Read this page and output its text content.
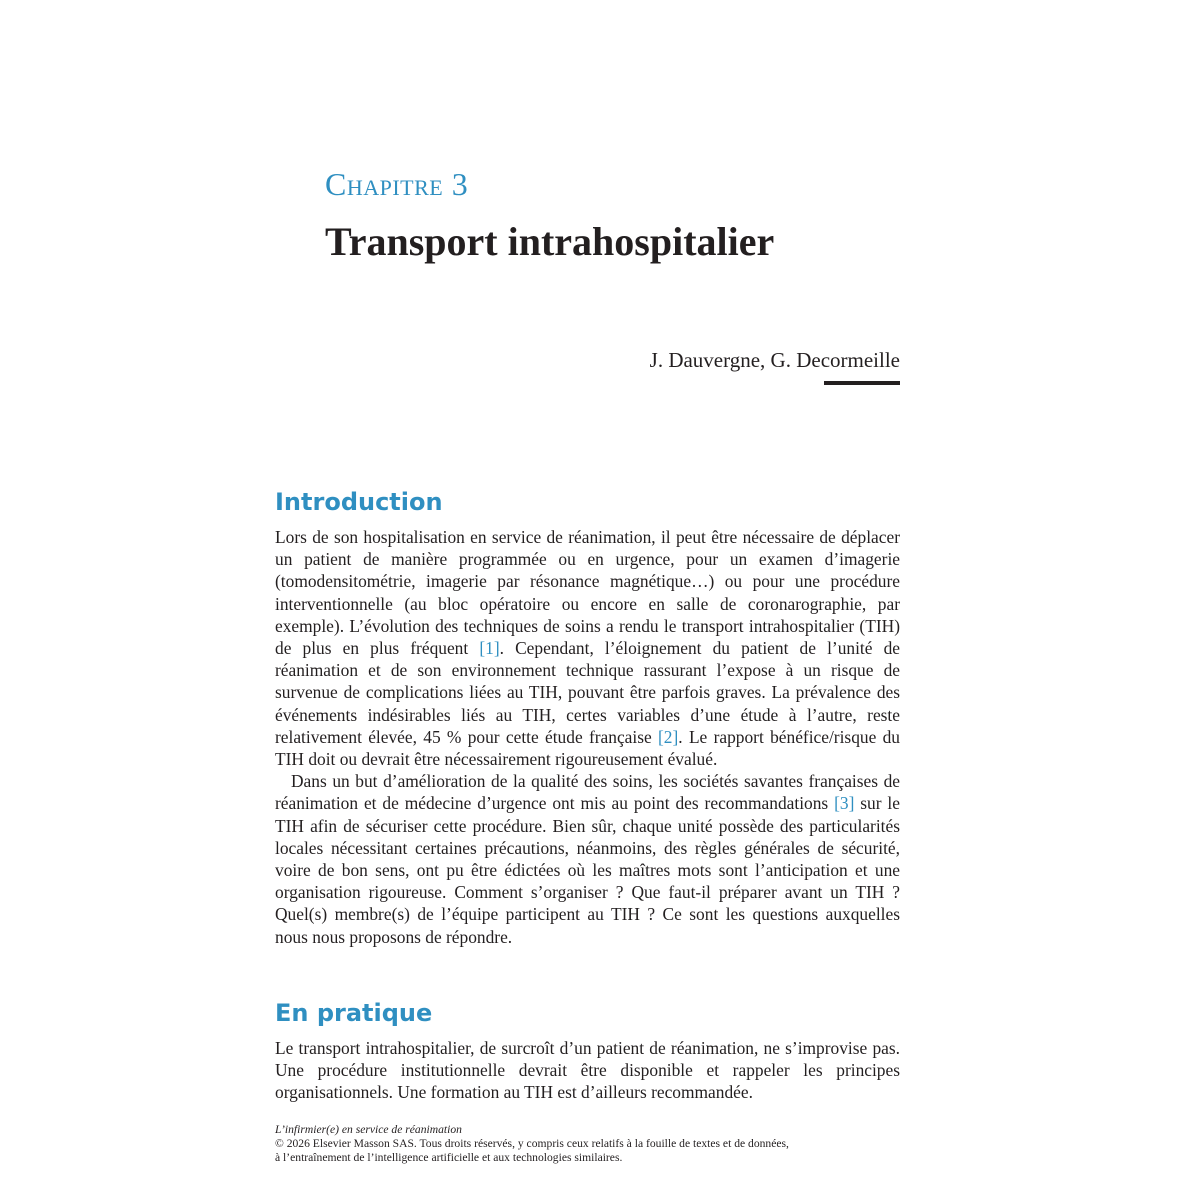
Chapitre 3
Transport intrahospitalier
J. Dauvergne, G. Decormeille
Introduction

Lors de son hospitalisation en service de réanimation, il peut être nécessaire de déplacer un patient de manière programmée ou en urgence, pour un examen d’imagerie (tomodensitométrie, imagerie par résonance magnétique…) ou pour une procédure interventionnelle (au bloc opératoire ou encore en salle de coronarographie, par exemple). L’évolution des techniques de soins a rendu le transport intrahospitalier (TIH) de plus en plus fréquent [1]. Cependant, l’éloignement du patient de l’unité de réanimation et de son environnement technique rassurant l’expose à un risque de survenue de complications liées au TIH, pouvant être parfois graves. La prévalence des événements indésirables liés au TIH, certes variables d’une étude à l’autre, reste relativement élevée, 45 % pour cette étude française [2]. Le rapport bénéfice/risque du TIH doit ou devrait être nécessairement rigoureusement évalué.

Dans un but d’amélioration de la qualité des soins, les sociétés savantes françaises de réanimation et de médecine d’urgence ont mis au point des recommandations [3] sur le TIH afin de sécuriser cette procédure. Bien sûr, chaque unité possède des particularités locales nécessitant certaines précautions, néanmoins, des règles générales de sécurité, voire de bon sens, ont pu être édictées où les maîtres mots sont l’anticipation et une organisation rigoureuse. Comment s’organiser ? Que faut-il préparer avant un TIH ? Quel(s) membre(s) de l’équipe participent au TIH ? Ce sont les questions auxquelles nous nous proposons de répondre.

En pratique

Le transport intrahospitalier, de surcroît d’un patient de réanimation, ne s’improvise pas. Une procédure institutionnelle devrait être disponible et rappeler les principes organisationnels. Une formation au TIH est d’ailleurs recommandée.

L’infirmier(e) en service de réanimation
© 2026 Elsevier Masson SAS. Tous droits réservés, y compris ceux relatifs à la fouille de textes et de données,
à l’entraînement de l’intelligence artificielle et aux technologies similaires.
